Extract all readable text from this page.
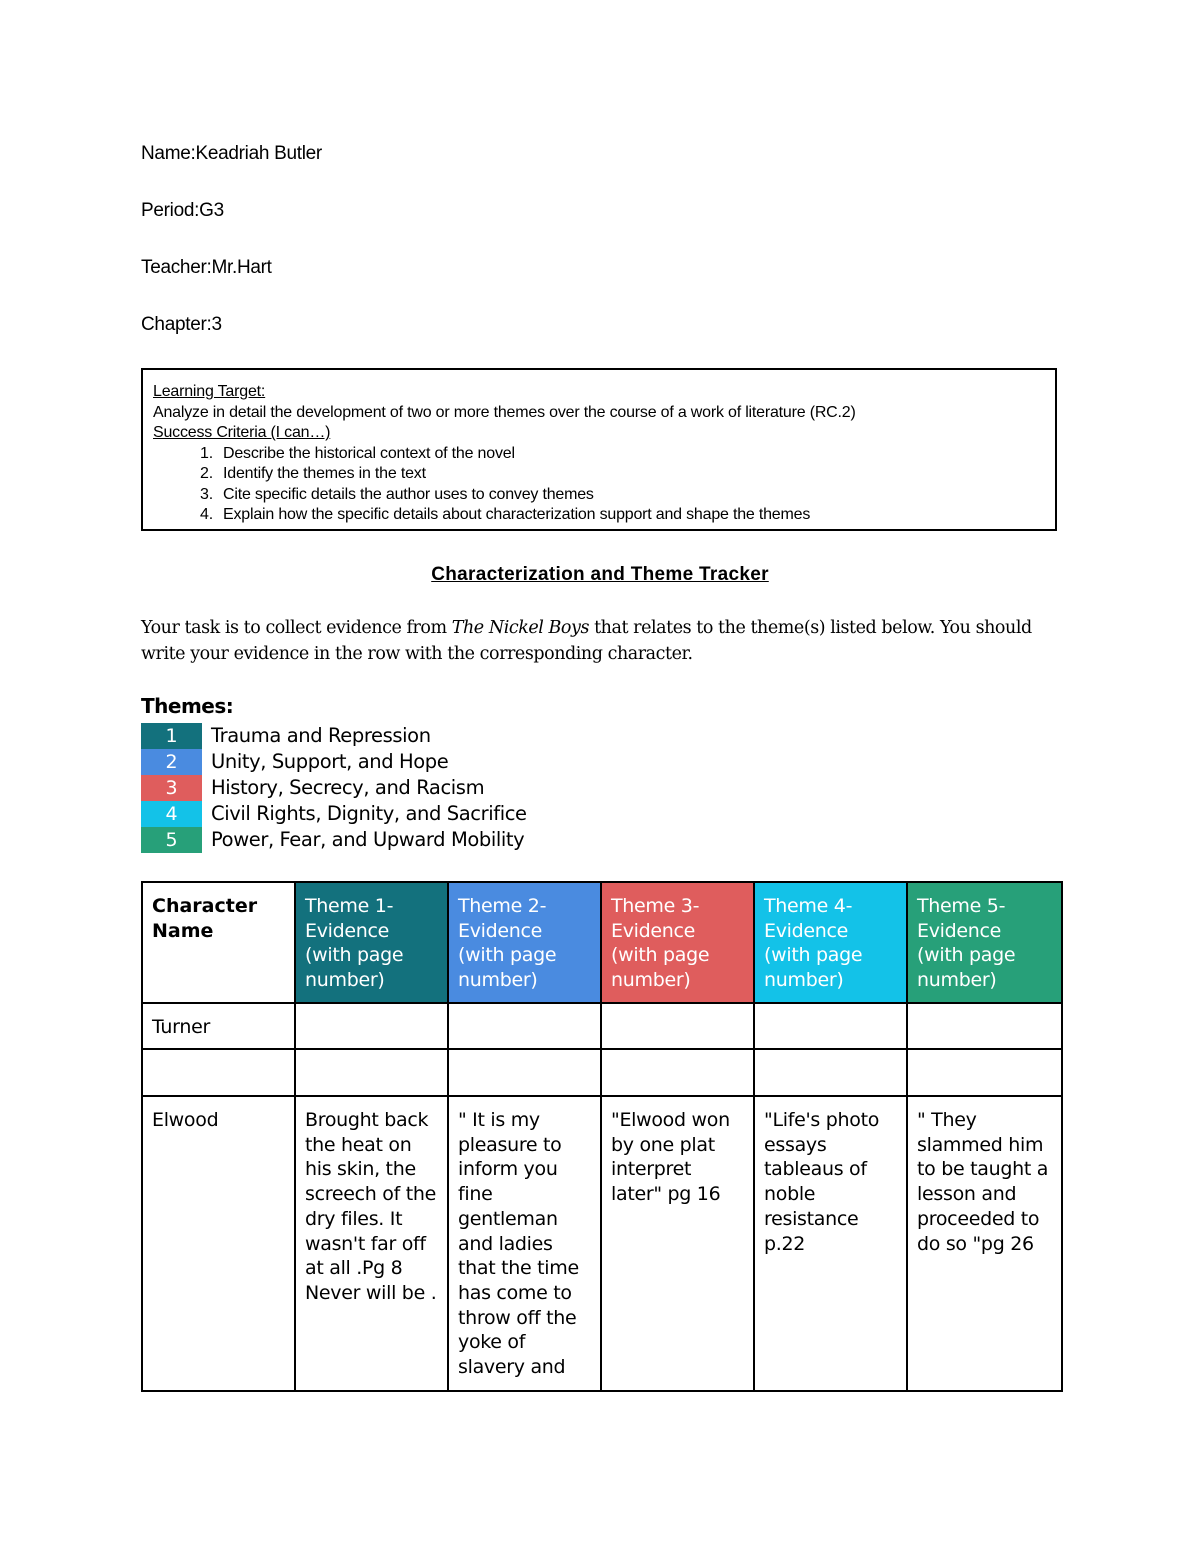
Name:Keadriah Butler
Period:G3
Teacher:Mr.Hart
Chapter:3
Learning Target:
Analyze in detail the development of two or more themes over the course of a work of literature (RC.2)
Success Criteria (I can…)
1. Describe the historical context of the novel
2. Identify the themes in the text
3. Cite specific details the author uses to convey themes
4. Explain how the specific details about characterization support and shape the themes
Characterization and Theme Tracker
Your task is to collect evidence from The Nickel Boys that relates to the theme(s) listed below. You should write your evidence in the row with the corresponding character.
Themes:
1	Trauma and Repression
2	Unity, Support, and Hope
3	History, Secrecy, and Racism
4	Civil Rights, Dignity, and Sacrifice
5	Power, Fear, and Upward Mobility
Character Name	Theme 1- Evidence (with page number)	Theme 2- Evidence (with page number)	Theme 3- Evidence (with page number)	Theme 4- Evidence (with page number)	Theme 5- Evidence (with page number)
Turner					

Elwood	Brought back the heat on his skin, the screech of the dry files. It wasn't far off at all .Pg 8 Never will be .	" It is my pleasure to inform you fine gentleman and ladies that the time has come to throw off the yoke of slavery and	"Elwood won by one plat interpret later" pg 16	"Life's photo essays tableaus of noble resistance p.22	" They slammed him to be taught a lesson and proceeded to do so "pg 26
